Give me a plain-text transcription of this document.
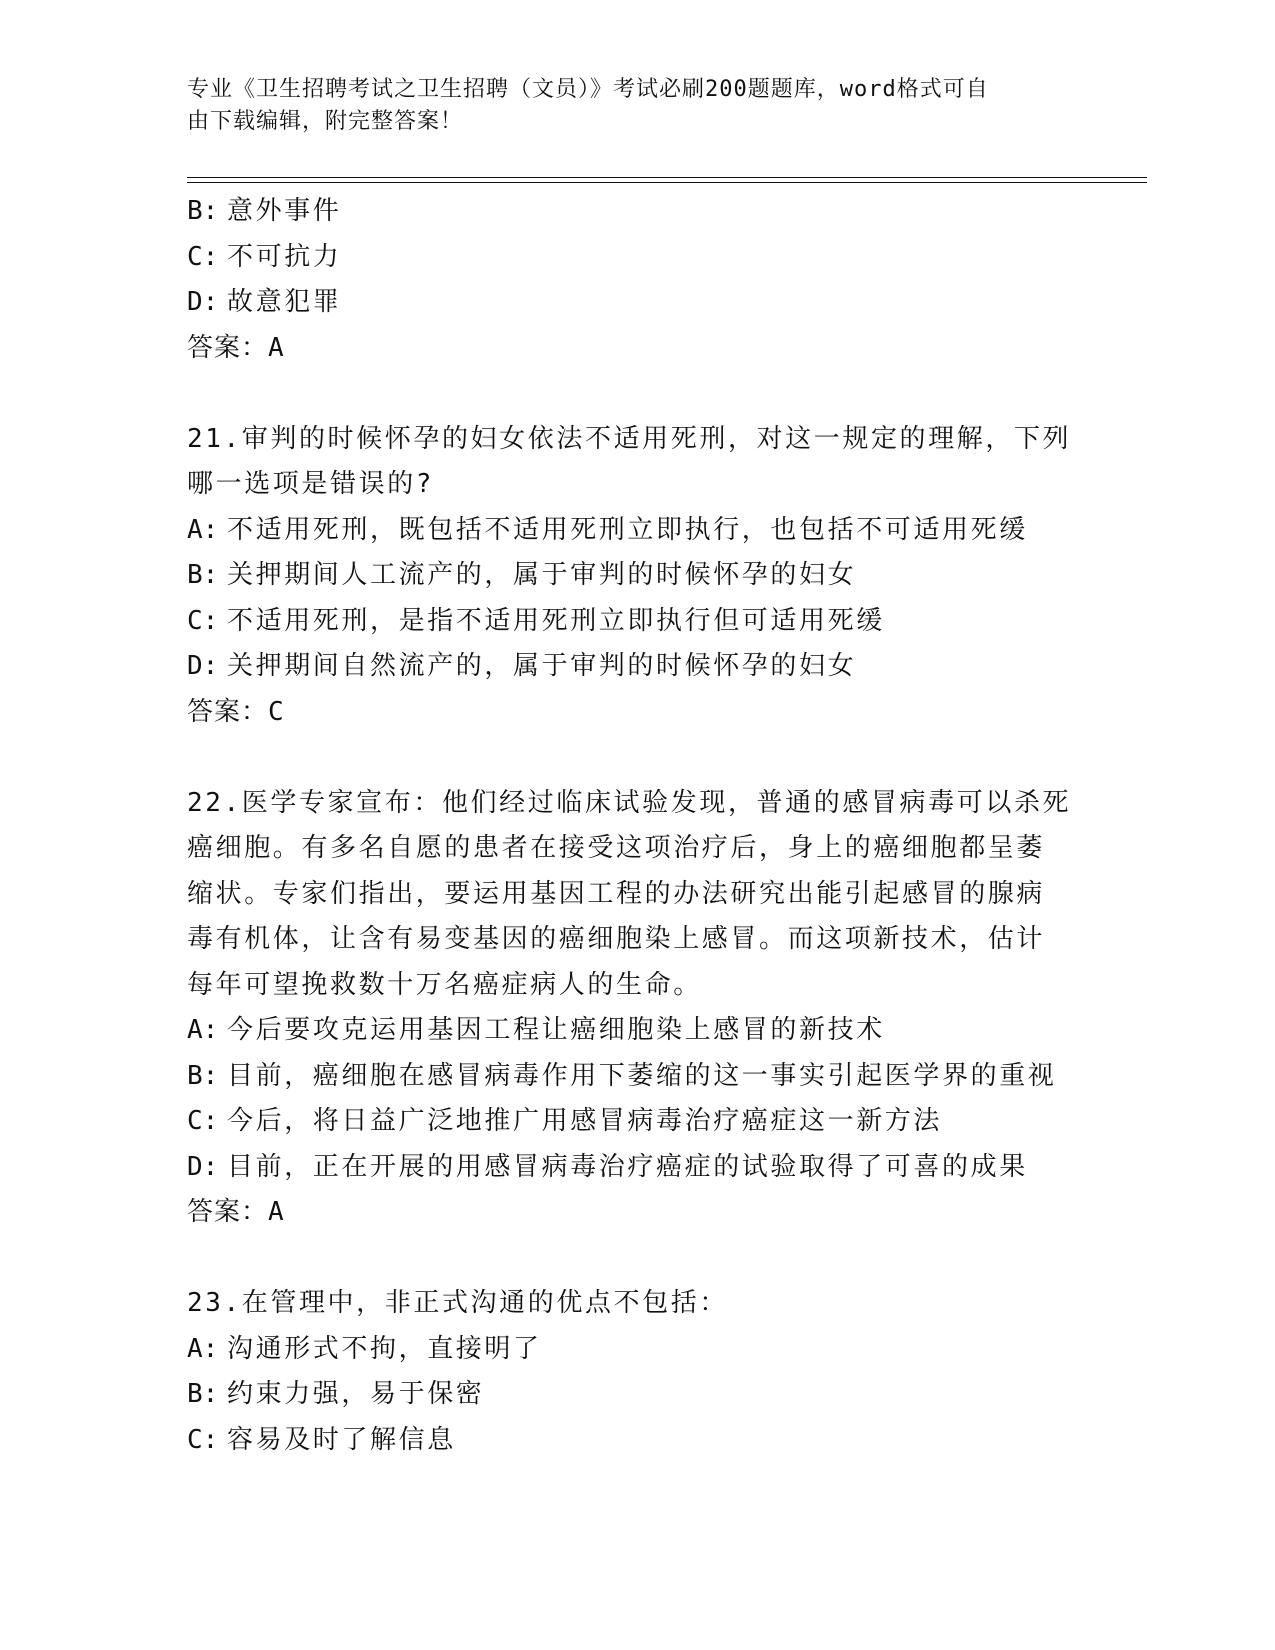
专业《卫生招聘考试之卫生招聘（文员）》考试必刷200题题库，word格式可自
由下载编辑，附完整答案！
B: 意外事件
C: 不可抗力
D: 故意犯罪
答案：A
21.审判的时候怀孕的妇女依法不适用死刑，对这一规定的理解，下列
哪一选项是错误的?
A: 不适用死刑，既包括不适用死刑立即执行，也包括不可适用死缓
B: 关押期间人工流产的，属于审判的时候怀孕的妇女
C: 不适用死刑，是指不适用死刑立即执行但可适用死缓
D: 关押期间自然流产的，属于审判的时候怀孕的妇女
答案：C
22.医学专家宣布：他们经过临床试验发现，普通的感冒病毒可以杀死
癌细胞。有多名自愿的患者在接受这项治疗后，身上的癌细胞都呈萎
缩状。专家们指出，要运用基因工程的办法研究出能引起感冒的腺病
毒有机体，让含有易变基因的癌细胞染上感冒。而这项新技术，估计
每年可望挽救数十万名癌症病人的生命。
A: 今后要攻克运用基因工程让癌细胞染上感冒的新技术
B: 目前，癌细胞在感冒病毒作用下萎缩的这一事实引起医学界的重视
C: 今后，将日益广泛地推广用感冒病毒治疗癌症这一新方法
D: 目前，正在开展的用感冒病毒治疗癌症的试验取得了可喜的成果
答案：A
23.在管理中，非正式沟通的优点不包括：
A: 沟通形式不拘，直接明了
B: 约束力强，易于保密
C: 容易及时了解信息
